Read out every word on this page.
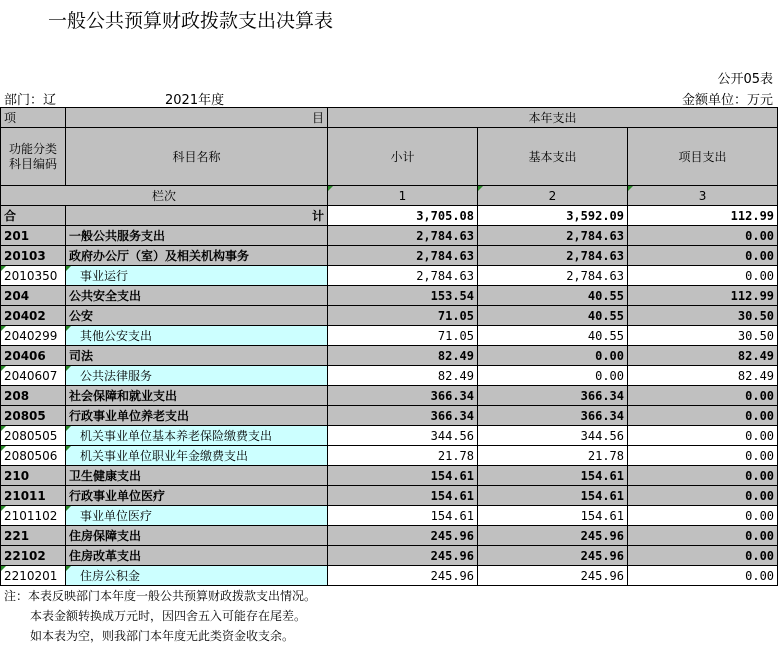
一般公共预算财政拨款支出决算表
公开05表
部门：辽	2021年度	金额单位：万元
项	目	本年支出		
功能分类
科目编码	科目名称	小计	基本支出	项目支出
栏次		1	2	3
合	计	3,705.08	3,592.09	112.99
201	一般公共服务支出	2,784.63	2,784.63	0.00
20103	政府办公厅（室）及相关机构事务	2,784.63	2,784.63	0.00
2010350	事业运行	2,784.63	2,784.63	0.00
204	公共安全支出	153.54	40.55	112.99
20402	公安	71.05	40.55	30.50
2040299	其他公安支出	71.05	40.55	30.50
20406	司法	82.49	0.00	82.49
2040607	公共法律服务	82.49	0.00	82.49
208	社会保障和就业支出	366.34	366.34	0.00
20805	行政事业单位养老支出	366.34	366.34	0.00
2080505	机关事业单位基本养老保险缴费支出	344.56	344.56	0.00
2080506	机关事业单位职业年金缴费支出	21.78	21.78	0.00
210	卫生健康支出	154.61	154.61	0.00
21011	行政事业单位医疗	154.61	154.61	0.00
2101102	事业单位医疗	154.61	154.61	0.00
221	住房保障支出	245.96	245.96	0.00
22102	住房改革支出	245.96	245.96	0.00
2210201	住房公积金	245.96	245.96	0.00
注：本表反映部门本年度一般公共预算财政拨款支出情况。
本表金额转换成万元时，因四舍五入可能存在尾差。
如本表为空，则我部门本年度无此类资金收支余。
